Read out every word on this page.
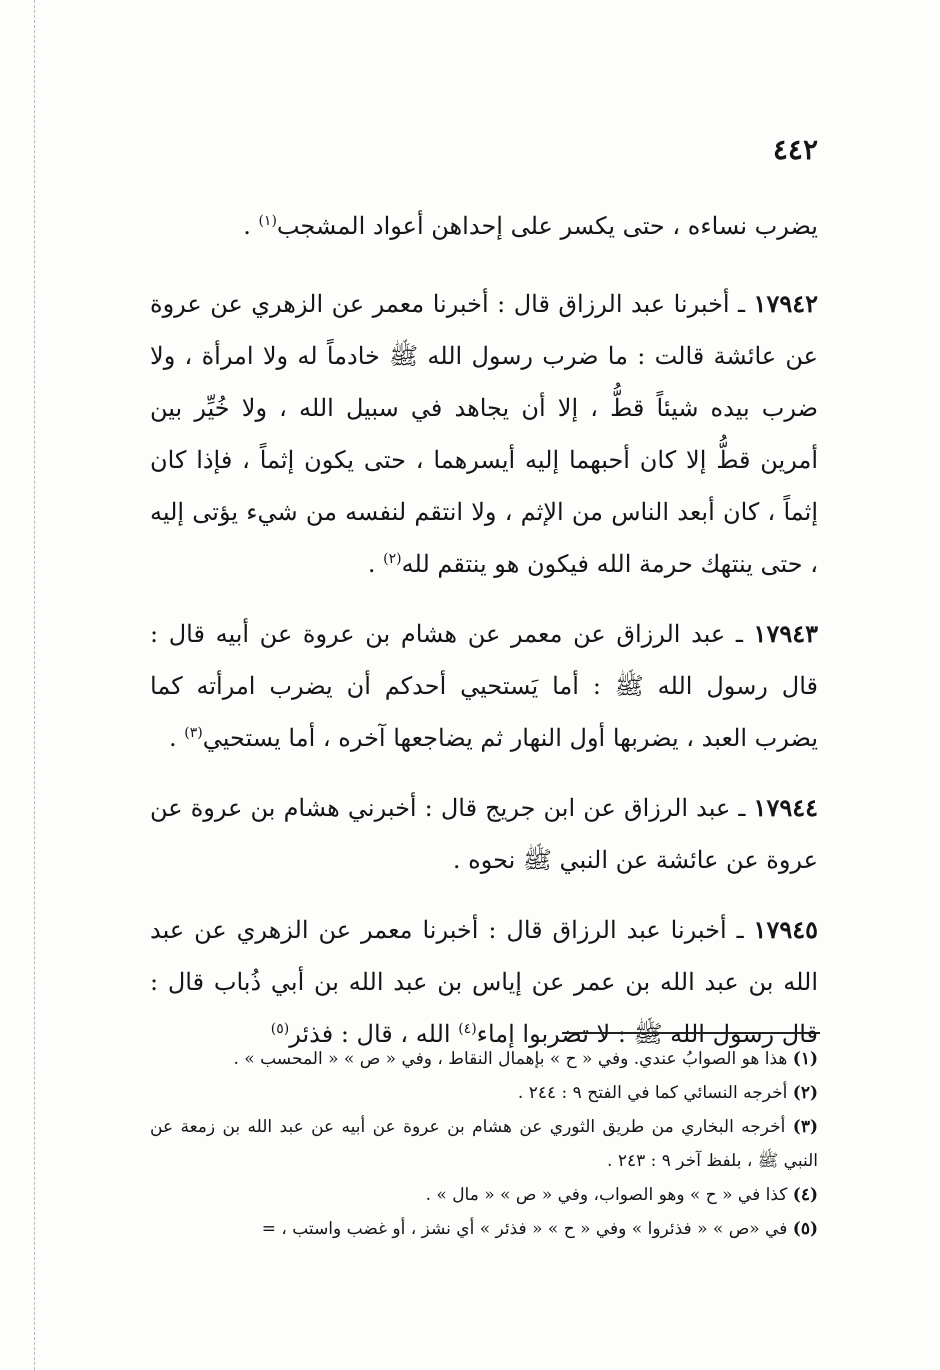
٤٤٢

يضرب نساءه ، حتى يكسر على إحداهن أعواد المشجب$^{(١)}$ .

١٧٩٤٢ ـ أخبرنا عبد الرزاق قال : أخبرنا معمر عن الزهري عن عروة عن عائشة قالت : ما ضرب رسول الله ﷺ خادماً له ولا امرأة ، ولا ضرب بيده شيئاً قطُّ ، إلا أن يجاهد في سبيل الله ، ولا خُيِّر بين أمرين قطُّ إلا كان أحبهما إليه أيسرهما ، حتى يكون إثماً ، فإذا كان إثماً ، كان أبعد الناس من الإثم ، ولا انتقم لنفسه من شيء يؤتى إليه ، حتى ينتهك حرمة الله فيكون هو ينتقم لله$^{(٢)}$ .

١٧٩٤٣ ـ عبد الرزاق عن معمر عن هشام بن عروة عن أبيه قال : قال رسول الله ﷺ : أما يَستحيي أحدكم أن يضرب امرأته كما يضرب العبد ، يضربها أول النهار ثم يضاجعها آخره ، أما يستحيي$^{(٣)}$ .

١٧٩٤٤ ـ عبد الرزاق عن ابن جريج قال : أخبرني هشام بن عروة عن عروة عن عائشة عن النبي ﷺ نحوه .

١٧٩٤٥ ـ أخبرنا عبد الرزاق قال : أخبرنا معمر عن الزهري عن عبد الله بن عبد الله بن عمر عن إياس بن عبد الله بن أبي ذُباب قال : قال رسول الله ﷺ : لا تضربوا إماء$^{(٤)}$ الله ، قال : فذئر$^{(٥)}$

(١) هذا هو الصوابُ عندي. وفي « ح » بإهمال النقاط ، وفي « ص » « المحسب » .

(٢) أخرجه النسائي كما في الفتح ٩ : ٢٤٤ .

(٣) أخرجه البخاري من طريق الثوري عن هشام بن عروة عن أبيه عن عبد الله بن زمعة عن النبي ﷺ ، بلفظ آخر ٩ : ٢٤٣ .

(٤) كذا في « ح » وهو الصواب، وفي « ص » « مال » .

(٥) في «ص » « فذئروا » وفي « ح » « فذئر » أي نشز ، أو غضب واستب ، =
